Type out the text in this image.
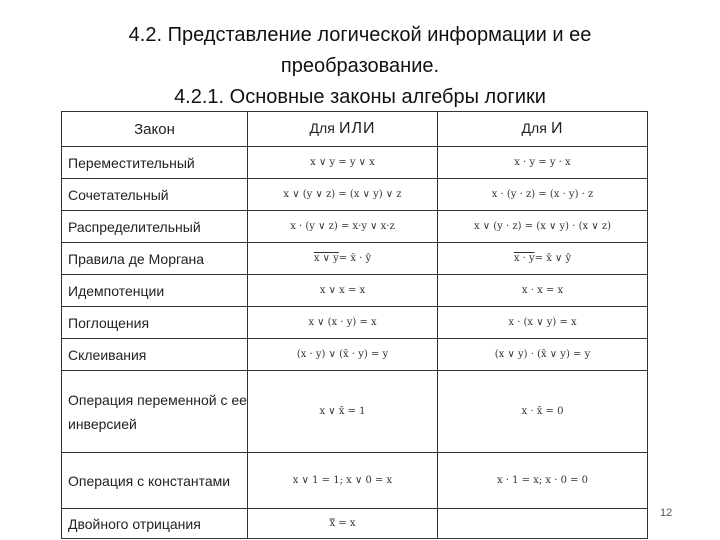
4.2. Представление логической информации и ее
преобразование.
4.2.1. Основные законы алгебры логики
Закон	Для ИЛИ	Для И
Переместительный	x ∨ y = y ∨ x	x · y = y · x
Сочетательный	x ∨ (y ∨ z) = (x ∨ y) ∨ z	x · (y · z) = (x · y) · z
Распределительный	x · (y ∨ z) = x·y ∨ x·z	x ∨ (y · z) = (x ∨ y) · (x ∨ z)
Правила де Моргана	x ∨ y= x̄ · ȳ	x · y= x̄ ∨ ȳ
Идемпотенции	x ∨ x = x	x · x = x
Поглощения	x ∨ (x · y) = x	x · (x ∨ y) = x
Склеивания	(x · y) ∨ (x̄ · y) = y	(x ∨ y) · (x̄ ∨ y) = y
Операция переменной с ее инверсией	x ∨ x̄ = 1	x · x̄ = 0
Операция с константами	x ∨ 1 = 1; x ∨ 0 = x	x · 1 = x; x · 0 = 0
Двойного отрицания	x̿ = x	
12
